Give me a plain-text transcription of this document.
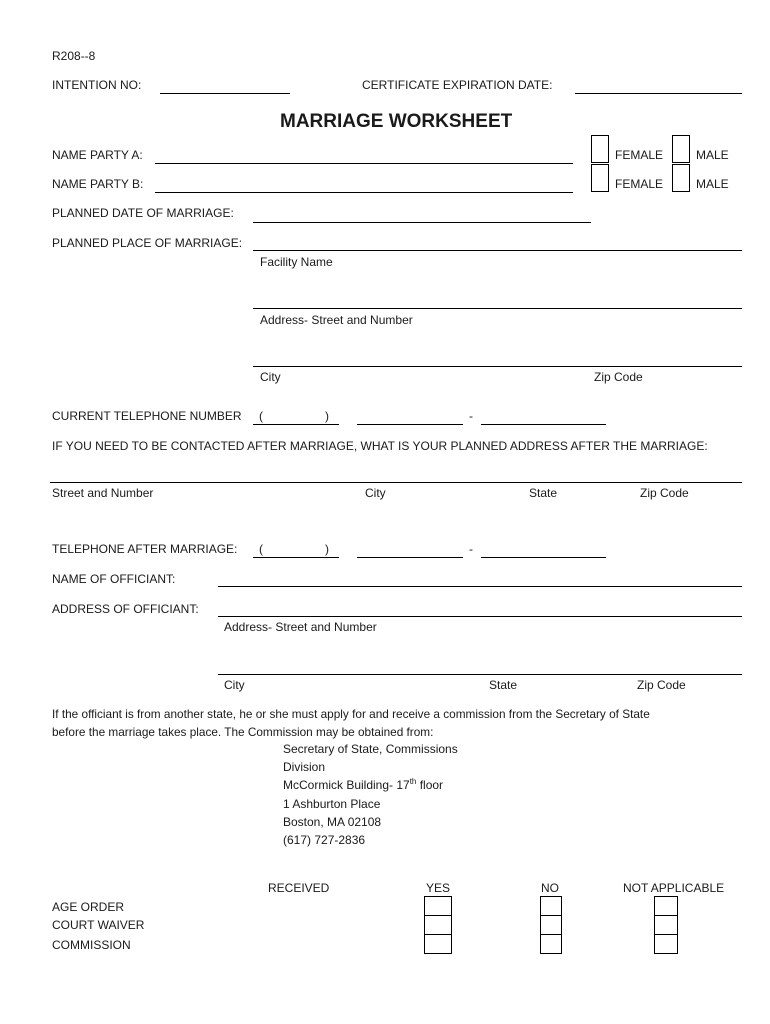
R208--8
INTENTION NO:	CERTIFICATE EXPIRATION DATE:
MARRIAGE WORKSHEET
NAME PARTY A:	FEMALE	MALE
NAME PARTY B:	FEMALE	MALE
PLANNED DATE OF MARRIAGE:
PLANNED PLACE OF MARRIAGE:
Facility Name
Address- Street and Number
City	Zip Code
CURRENT TELEPHONE NUMBER (	)	-
IF YOU NEED TO BE CONTACTED AFTER MARRIAGE, WHAT IS YOUR PLANNED ADDRESS AFTER THE MARRIAGE:
Street and Number	City	State	Zip Code
TELEPHONE AFTER MARRIAGE: (	)	-
NAME OF OFFICIANT:
ADDRESS OF OFFICIANT:
Address- Street and Number
City	State	Zip Code
If the officiant is from another state, he or she must apply for and receive a commission from the Secretary of State
before the marriage takes place. The Commission may be obtained from:
Secretary of State, Commissions
Division
McCormick Building- 17th floor
1 Ashburton Place
Boston, MA 02108
(617) 727-2836
RECEIVED	YES	NO	NOT APPLICABLE
AGE ORDER
COURT WAIVER
COMMISSION
